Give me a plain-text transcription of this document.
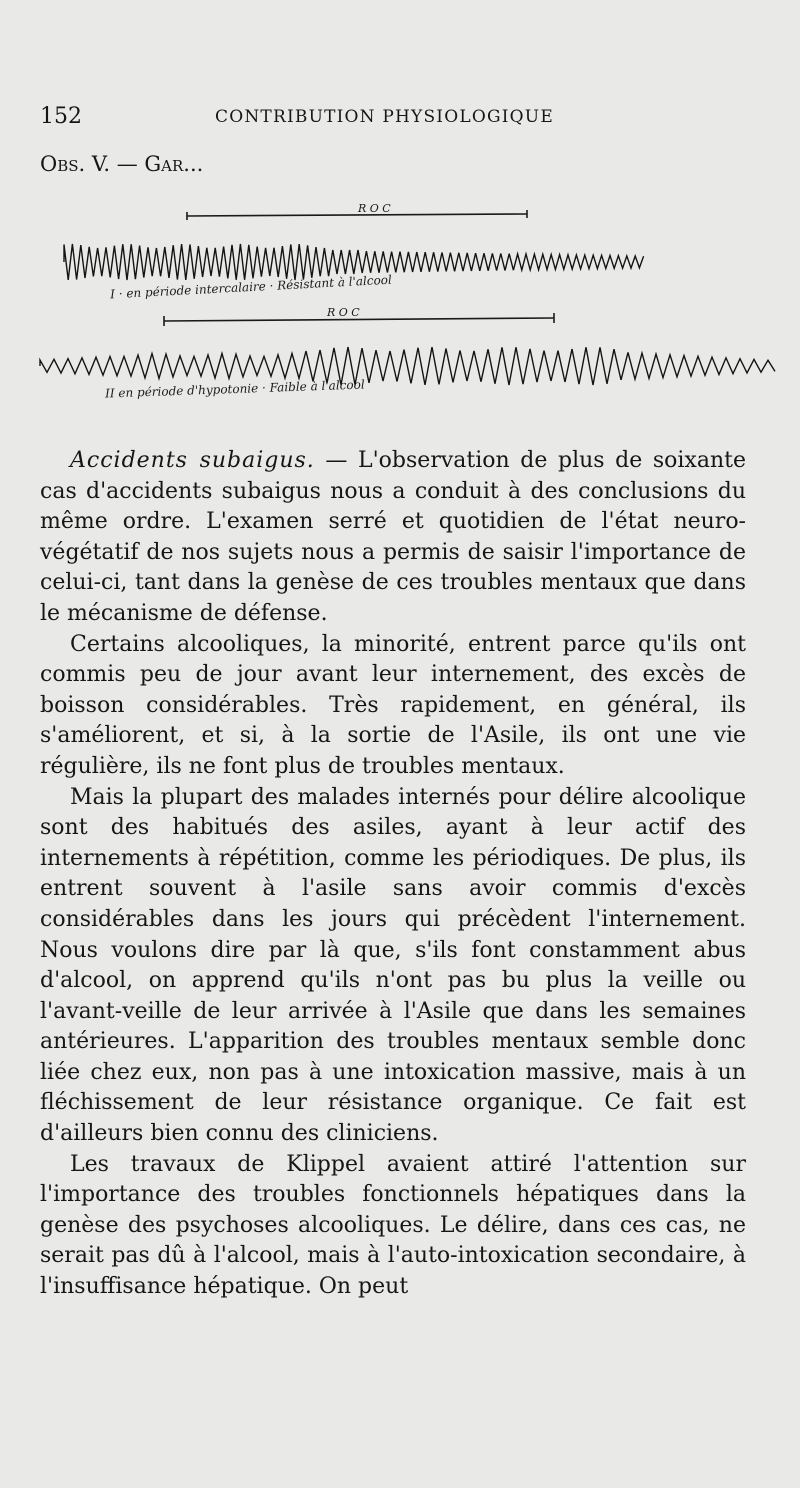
152	CONTRIBUTION PHYSIOLOGIQUE
Obs. V. — Gar...
R O C
R O C
I · en période intercalaire · Résistant à l'alcool
II en période d'hypotonie · Faible à l'alcool

Accidents subaigus. — L'observation de plus de soixante cas d'accidents subaigus nous a conduit à des conclusions du même ordre. L'examen serré et quotidien de l'état neuro-végétatif de nos sujets nous a permis de saisir l'importance de celui-ci, tant dans la genèse de ces troubles mentaux que dans le mécanisme de défense.

Certains alcooliques, la minorité, entrent parce qu'ils ont commis peu de jour avant leur internement, des excès de boisson considérables. Très rapidement, en général, ils s'améliorent, et si, à la sortie de l'Asile, ils ont une vie régulière, ils ne font plus de troubles mentaux.

Mais la plupart des malades internés pour délire alcoolique sont des habitués des asiles, ayant à leur actif des internements à répétition, comme les périodiques. De plus, ils entrent souvent à l'asile sans avoir commis d'excès considérables dans les jours qui précèdent l'internement. Nous voulons dire par là que, s'ils font constamment abus d'alcool, on apprend qu'ils n'ont pas bu plus la veille ou l'avant-veille de leur arrivée à l'Asile que dans les semaines antérieures. L'apparition des troubles mentaux semble donc liée chez eux, non pas à une intoxication massive, mais à un fléchissement de leur résistance organique. Ce fait est d'ailleurs bien connu des cliniciens.

Les travaux de Klippel avaient attiré l'attention sur l'importance des troubles fonctionnels hépatiques dans la genèse des psychoses alcooliques. Le délire, dans ces cas, ne serait pas dû à l'alcool, mais à l'auto-intoxication secondaire, à l'insuffisance hépatique. On peut
